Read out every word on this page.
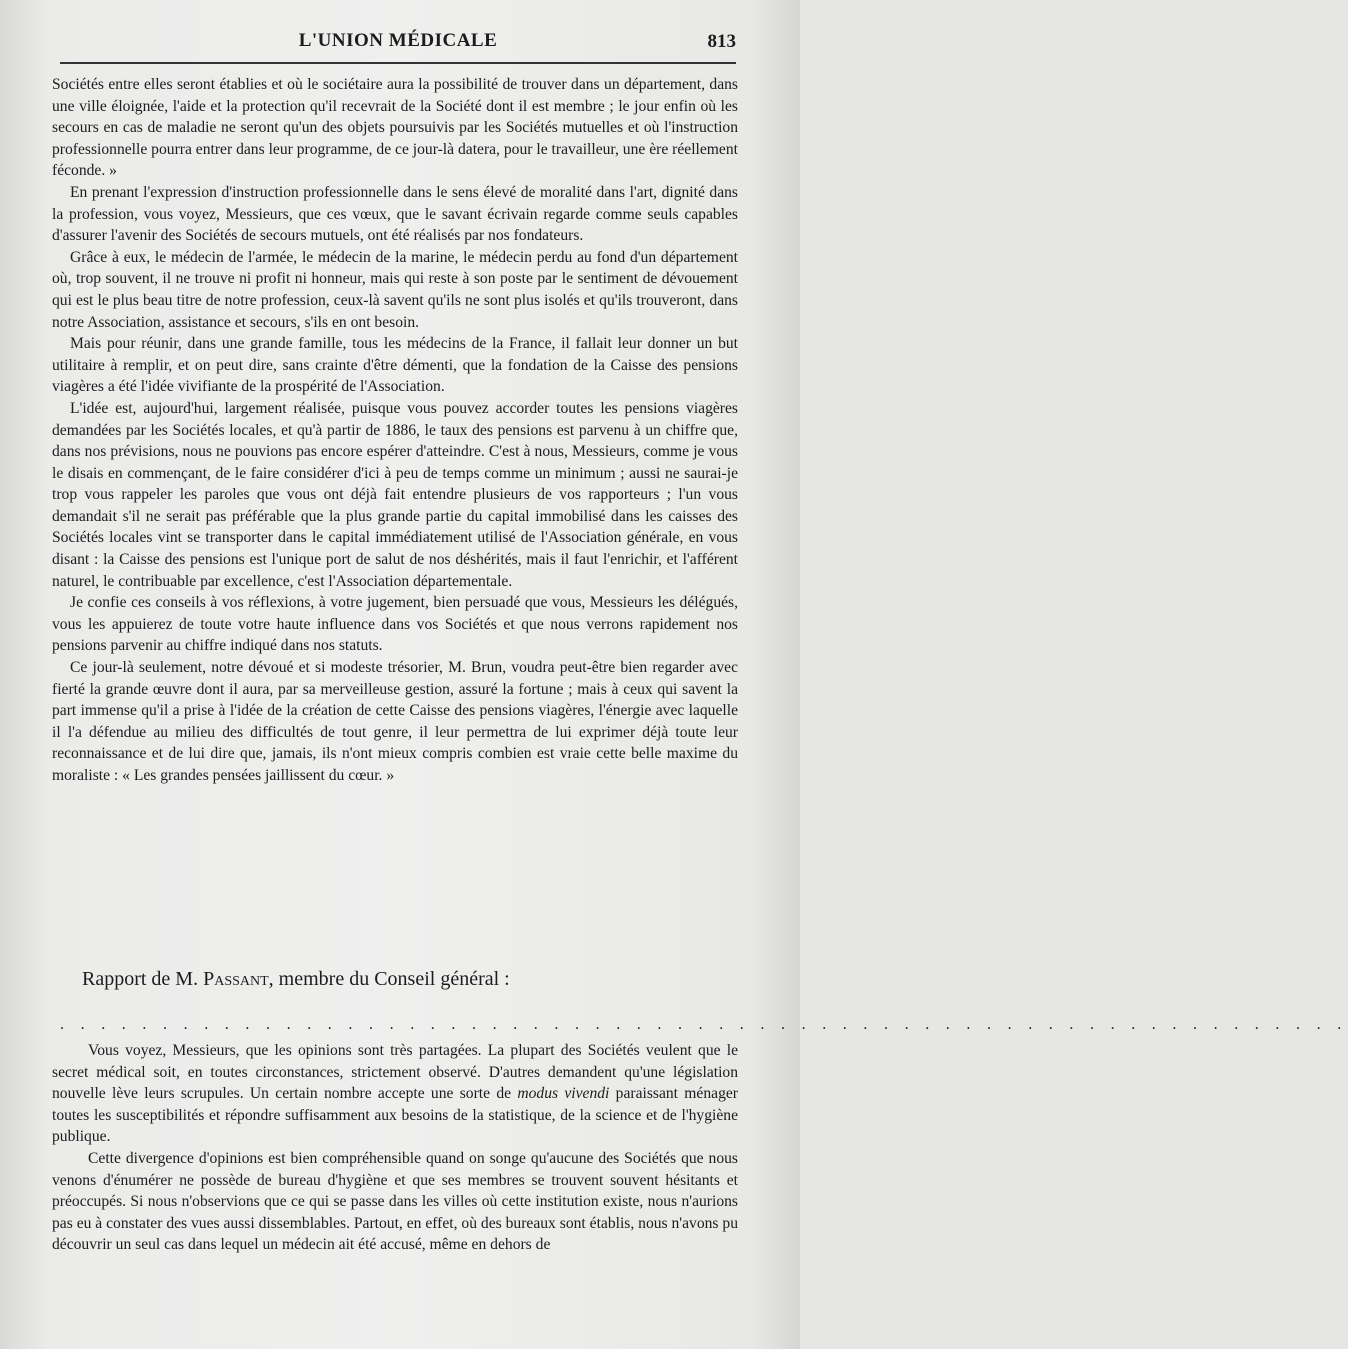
L'UNION MÉDICALE	813

Sociétés entre elles seront établies et où le sociétaire aura la possibilité de trouver dans un département, dans une ville éloignée, l'aide et la protection qu'il recevrait de la Société dont il est membre ; le jour enfin où les secours en cas de maladie ne seront qu'un des objets poursuivis par les Sociétés mutuelles et où l'instruction professionnelle pourra entrer dans leur programme, de ce jour-là datera, pour le travailleur, une ère réellement féconde. »

En prenant l'expression d'instruction professionnelle dans le sens élevé de moralité dans l'art, dignité dans la profession, vous voyez, Messieurs, que ces vœux, que le savant écrivain regarde comme seuls capables d'assurer l'avenir des Sociétés de secours mutuels, ont été réalisés par nos fondateurs.

Grâce à eux, le médecin de l'armée, le médecin de la marine, le médecin perdu au fond d'un département où, trop souvent, il ne trouve ni profit ni honneur, mais qui reste à son poste par le sentiment de dévouement qui est le plus beau titre de notre profession, ceux-là savent qu'ils ne sont plus isolés et qu'ils trouveront, dans notre Association, assistance et secours, s'ils en ont besoin.

Mais pour réunir, dans une grande famille, tous les médecins de la France, il fallait leur donner un but utilitaire à remplir, et on peut dire, sans crainte d'être démenti, que la fondation de la Caisse des pensions viagères a été l'idée vivifiante de la prospérité de l'Association.

L'idée est, aujourd'hui, largement réalisée, puisque vous pouvez accorder toutes les pensions viagères demandées par les Sociétés locales, et qu'à partir de 1886, le taux des pensions est parvenu à un chiffre que, dans nos prévisions, nous ne pouvions pas encore espérer d'atteindre. C'est à nous, Messieurs, comme je vous le disais en commençant, de le faire considérer d'ici à peu de temps comme un minimum ; aussi ne saurai-je trop vous rappeler les paroles que vous ont déjà fait entendre plusieurs de vos rapporteurs ; l'un vous demandait s'il ne serait pas préférable que la plus grande partie du capital immobilisé dans les caisses des Sociétés locales vint se transporter dans le capital immédiatement utilisé de l'Association générale, en vous disant : la Caisse des pensions est l'unique port de salut de nos déshérités, mais il faut l'enrichir, et l'afférent naturel, le contribuable par excellence, c'est l'Association départementale.

Je confie ces conseils à vos réflexions, à votre jugement, bien persuadé que vous, Messieurs les délégués, vous les appuierez de toute votre haute influence dans vos Sociétés et que nous verrons rapidement nos pensions parvenir au chiffre indiqué dans nos statuts.

Ce jour-là seulement, notre dévoué et si modeste trésorier, M. Brun, voudra peut-être bien regarder avec fierté la grande œuvre dont il aura, par sa merveilleuse gestion, assuré la fortune ; mais à ceux qui savent la part immense qu'il a prise à l'idée de la création de cette Caisse des pensions viagères, l'énergie avec laquelle il l'a défendue au milieu des difficultés de tout genre, il leur permettra de lui exprimer déjà toute leur reconnaissance et de lui dire que, jamais, ils n'ont mieux compris combien est vraie cette belle maxime du moraliste : « Les grandes pensées jaillissent du cœur. »

Rapport de M. Passant, membre du Conseil général :
. . . . . . . . . . . . . . . . . . . . . . . . . . . . . . . . . . . . . . . . . . . . . . . . . . . . . . . . . . . . . . .

Vous voyez, Messieurs, que les opinions sont très partagées. La plupart des Sociétés veulent que le secret médical soit, en toutes circonstances, strictement observé. D'autres demandent qu'une législation nouvelle lève leurs scrupules. Un certain nombre accepte une sorte de modus vivendi paraissant ménager toutes les susceptibilités et répondre suffisamment aux besoins de la statistique, de la science et de l'hygiène publique.

Cette divergence d'opinions est bien compréhensible quand on songe qu'aucune des Sociétés que nous venons d'énumérer ne possède de bureau d'hygiène et que ses membres se trouvent souvent hésitants et préoccupés. Si nous n'observions que ce qui se passe dans les villes où cette institution existe, nous n'aurions pas eu à constater des vues aussi dissemblables. Partout, en effet, où des bureaux sont établis, nous n'avons pu découvrir un seul cas dans lequel un médecin ait été accusé, même en dehors de
